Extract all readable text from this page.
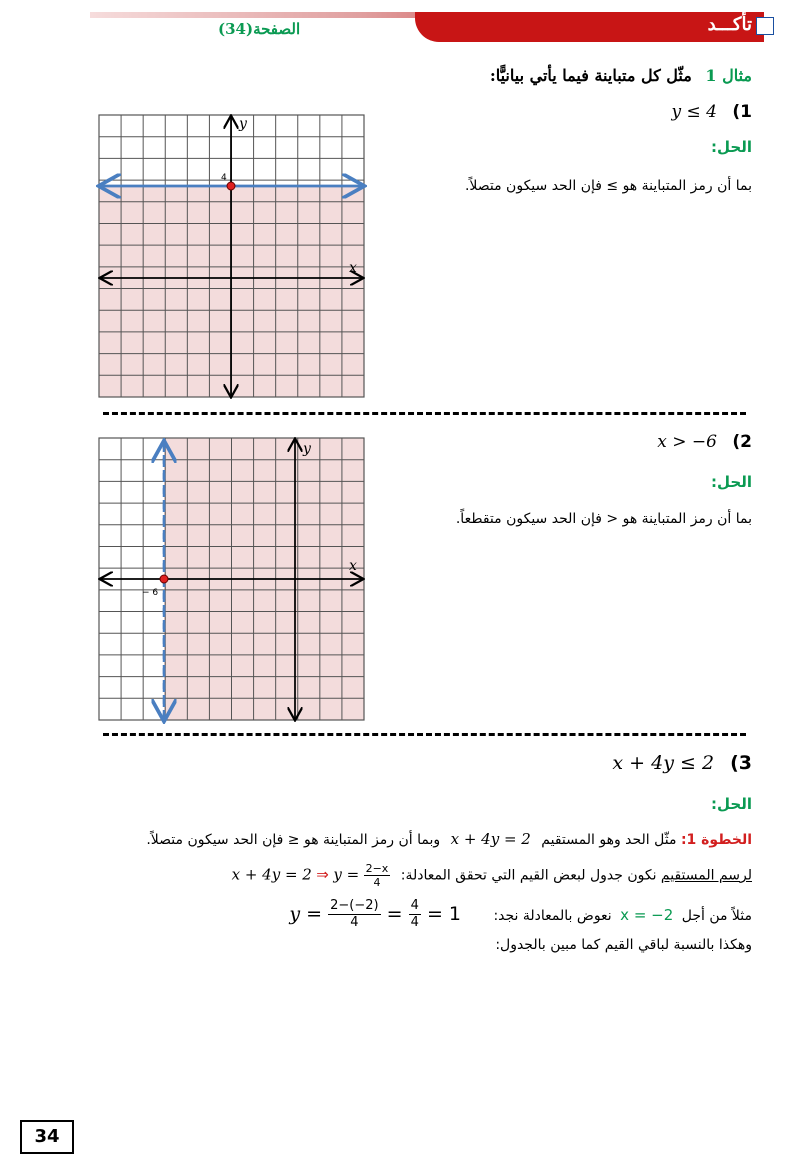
تأكـــد
الصفحة(34)
مثال 1 مثّل كل متباينة فيما يأتي بيانيًّا:
y ≤ 4 (1
الحل:
بما أن رمز المتباينة هو ≥ فإن الحد سيكون متصلاً.
4
y
x
x > −6 (2
الحل:
بما أن رمز المتباينة هو < فإن الحد سيكون متقطعاً.
− 6
y
x
x + 4y ≤ 2 (3
الحل:
الخطوة 1: مثّل الحد وهو المستقيم x + 4y = 2 وبما أن رمز المتباينة هو ≤ فإن الحد سيكون متصلاً.
لرسم المستقيم نكون جدول لبعض القيم التي تحقق المعادلة: x + 4y = 2 ⇒ $y = \frac{2-x}{4}$
مثلاً من أجل x = −2 نعوض بالمعادلة نجد: $y = \frac{2-(-2)}{4} = \frac{4}{4} = 1$
وهكذا بالنسبة لباقي القيم كما مبين بالجدول:
34
